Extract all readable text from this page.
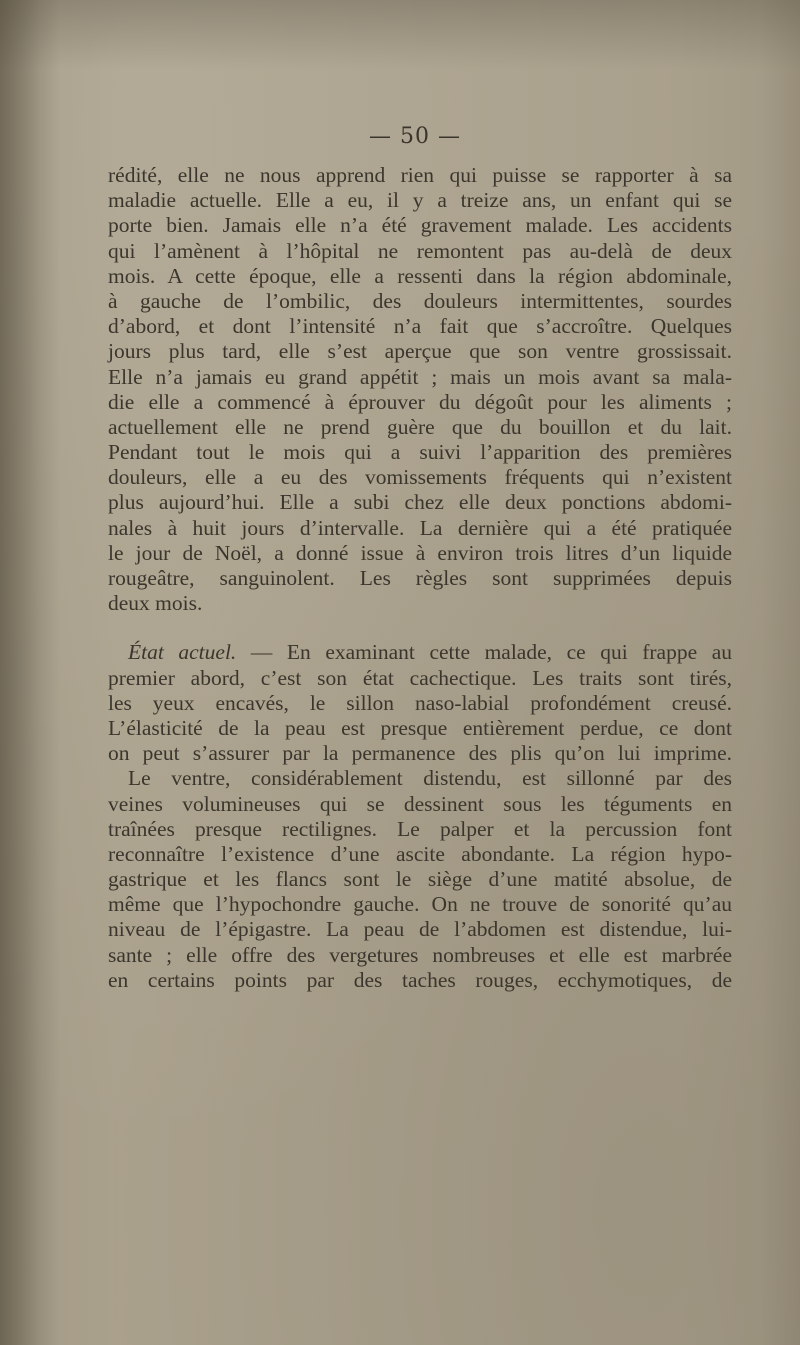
— 50 —
rédité, elle ne nous apprend rien qui puisse se rapporter à sa
maladie actuelle. Elle a eu, il y a treize ans, un enfant qui se
porte bien. Jamais elle n’a été gravement malade. Les accidents
qui l’amènent à l’hôpital ne remontent pas au-delà de deux
mois. A cette époque, elle a ressenti dans la région abdominale,
à gauche de l’ombilic, des douleurs intermittentes, sourdes
d’abord, et dont l’intensité n’a fait que s’accroître. Quelques
jours plus tard, elle s’est aperçue que son ventre grossissait.
Elle n’a jamais eu grand appétit ; mais un mois avant sa mala-
die elle a commencé à éprouver du dégoût pour les aliments ;
actuellement elle ne prend guère que du bouillon et du lait.
Pendant tout le mois qui a suivi l’apparition des premières
douleurs, elle a eu des vomissements fréquents qui n’existent
plus aujourd’hui. Elle a subi chez elle deux ponctions abdomi-
nales à huit jours d’intervalle. La dernière qui a été pratiquée
le jour de Noël, a donné issue à environ trois litres d’un liquide
rougeâtre, sanguinolent. Les règles sont supprimées depuis
deux mois.
État actuel. — En examinant cette malade, ce qui frappe au
premier abord, c’est son état cachectique. Les traits sont tirés,
les yeux encavés, le sillon naso-labial profondément creusé.
L’élasticité de la peau est presque entièrement perdue, ce dont
on peut s’assurer par la permanence des plis qu’on lui imprime.
Le ventre, considérablement distendu, est sillonné par des
veines volumineuses qui se dessinent sous les téguments en
traînées presque rectilignes. Le palper et la percussion font
reconnaître l’existence d’une ascite abondante. La région hypo-
gastrique et les flancs sont le siège d’une matité absolue, de
même que l’hypochondre gauche. On ne trouve de sonorité qu’au
niveau de l’épigastre. La peau de l’abdomen est distendue, lui-
sante ; elle offre des vergetures nombreuses et elle est marbrée
en certains points par des taches rouges, ecchymotiques, de
